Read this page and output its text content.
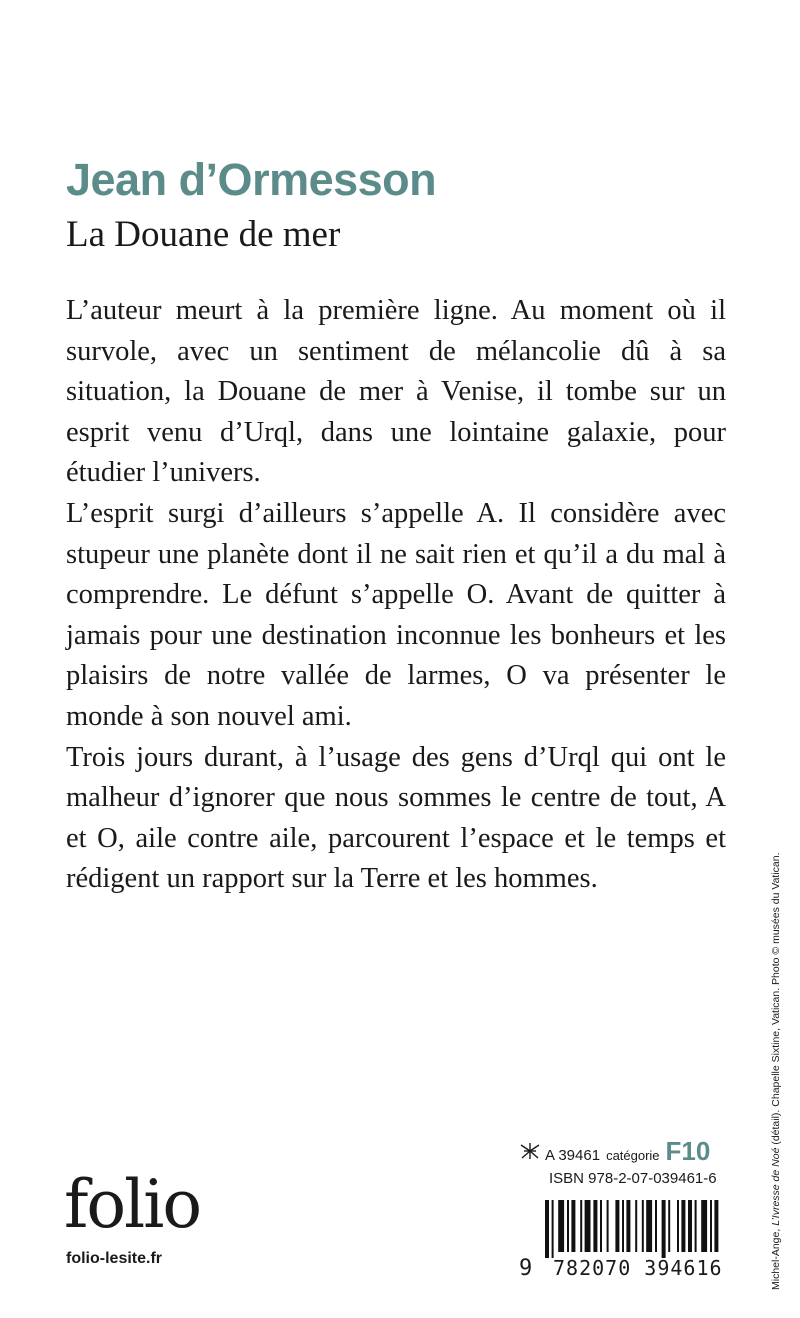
Jean d’Ormesson
La Douane de mer

L’auteur meurt à la première ligne. Au moment où il survole, avec un sentiment de mélancolie dû à sa situation, la Douane de mer à Venise, il tombe sur un esprit venu d’Urql, dans une lointaine galaxie, pour étudier l’univers.

L’esprit surgi d’ailleurs s’appelle A. Il considère avec stupeur une planète dont il ne sait rien et qu’il a du mal à comprendre. Le défunt s’appelle O. Avant de quitter à jamais pour une destination inconnue les bonheurs et les plaisirs de notre vallée de larmes, O va présenter le monde à son nouvel ami.

Trois jours durant, à l’usage des gens d’Urql qui ont le malheur d’ignorer que nous sommes le centre de tout, A et O, aile contre aile, parcourent l’espace et le temps et rédigent un rapport sur la Terre et les hommes.

Michel-Ange, L’Ivresse de Noé (détail). Chapelle Sixtine, Vatican. Photo © musées du Vatican.
A 39461 catégorie F10
ISBN 978-2-07-039461-6
9 782070 394616
folio
folio-lesite.fr
